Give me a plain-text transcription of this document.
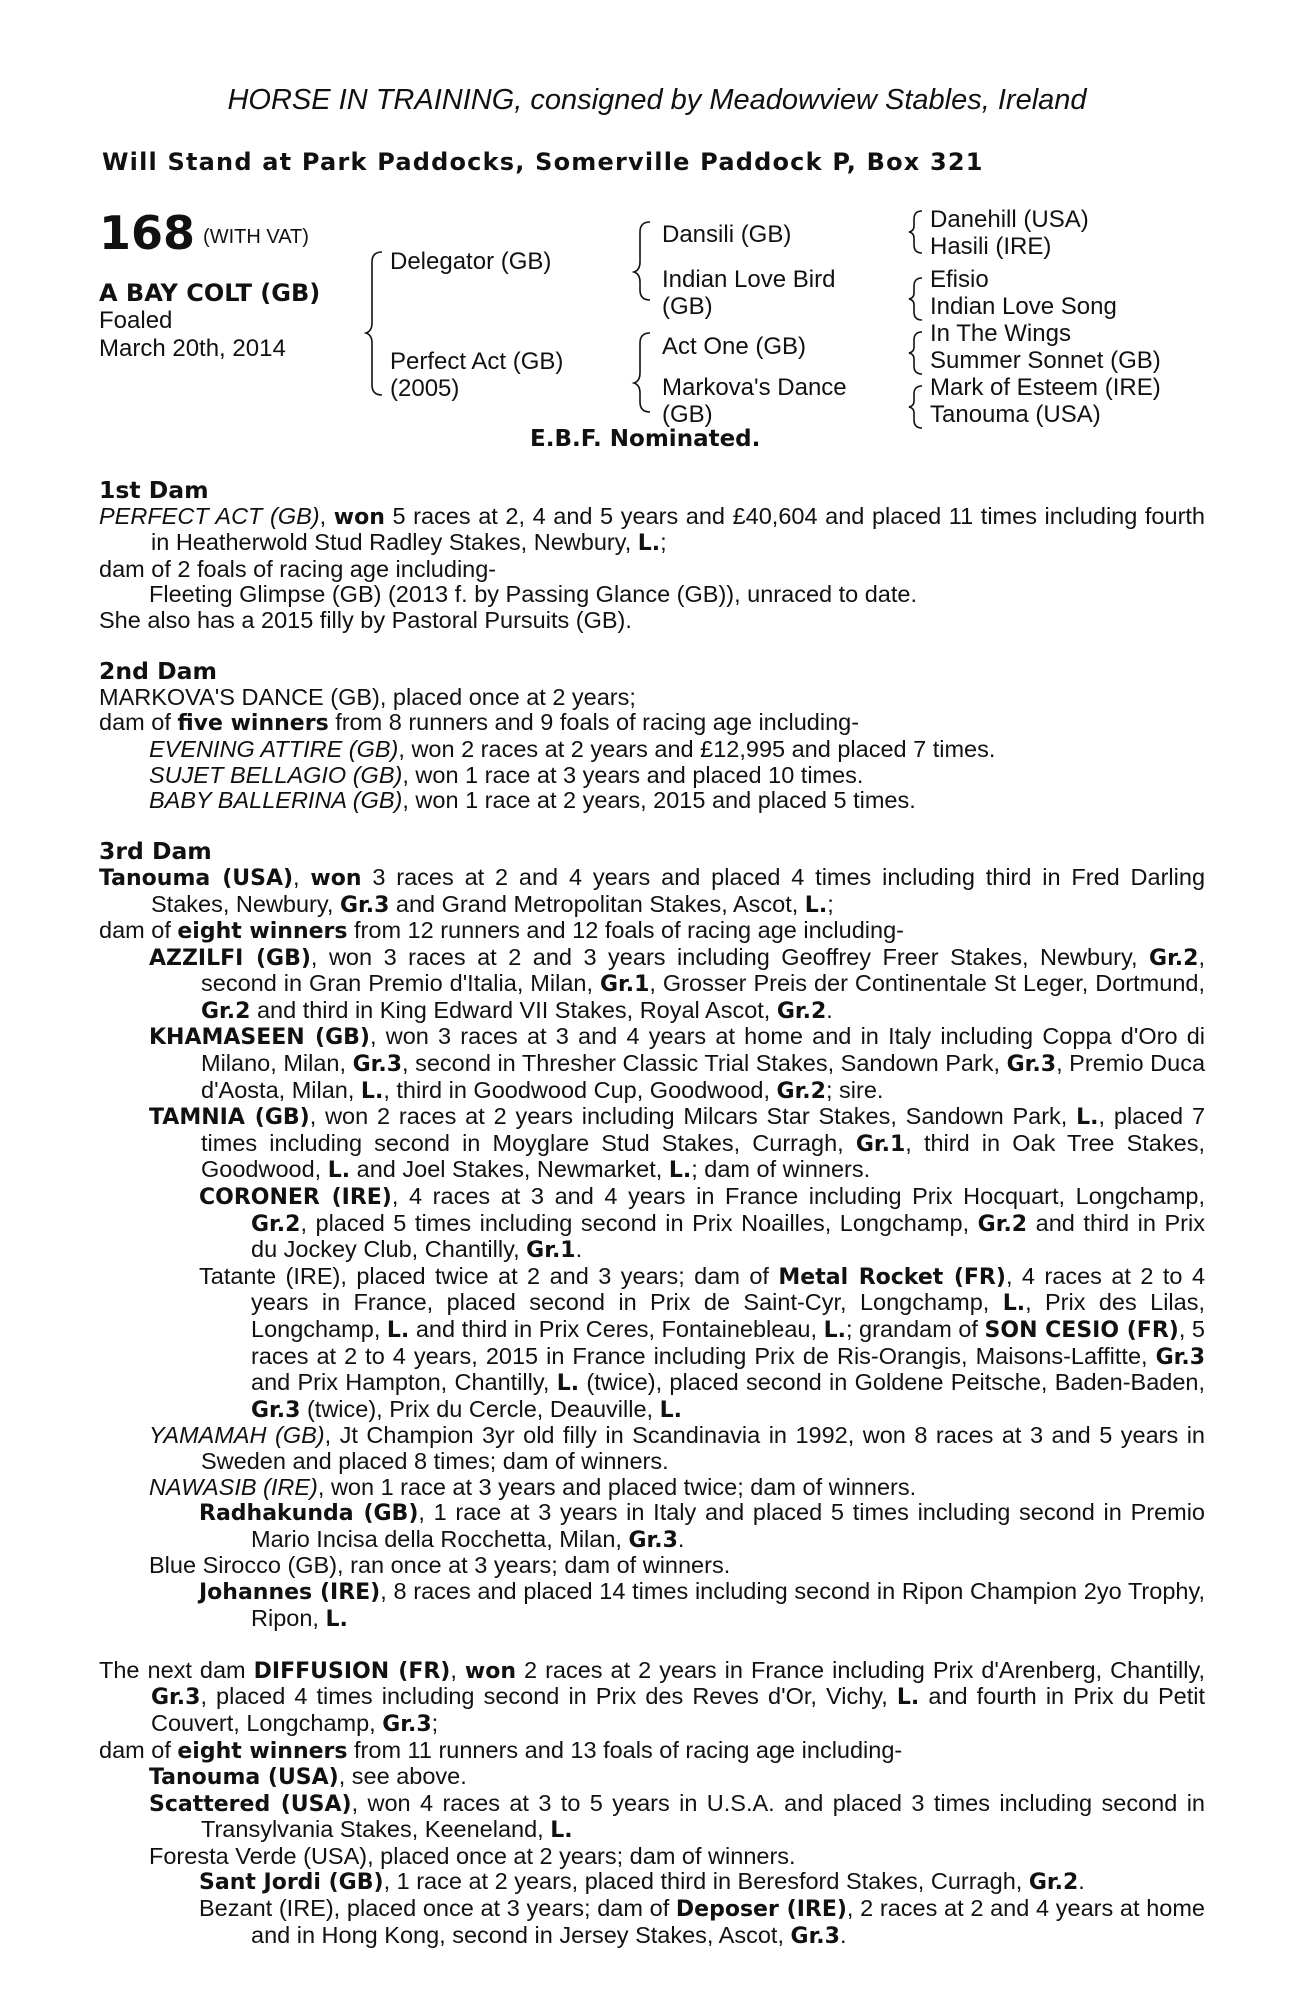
HORSE IN TRAINING, consigned by Meadowview Stables, Ireland
Will Stand at Park Paddocks, Somerville Paddock P, Box 321
168 (WITH VAT)
A BAY COLT (GB)
Foaled
March 20th, 2014
Delegator (GB)
Perfect Act (GB)
(2005)
Dansili (GB)
Indian Love Bird
(GB)
Act One (GB)
Markova's Dance
(GB)
Danehill (USA)
Hasili (IRE)
Efisio
Indian Love Song
In The Wings
Summer Sonnet (GB)
Mark of Esteem (IRE)
Tanouma (USA)
E.B.F. Nominated.
1st Dam
PERFECT ACT (GB), won 5 races at 2, 4 and 5 years and £40,604 and placed 11 times including fourth in Heatherwold Stud Radley Stakes, Newbury, L.;
dam of 2 foals of racing age including-
Fleeting Glimpse (GB) (2013 f. by Passing Glance (GB)), unraced to date.
She also has a 2015 filly by Pastoral Pursuits (GB).
2nd Dam
MARKOVA'S DANCE (GB), placed once at 2 years;
dam of five winners from 8 runners and 9 foals of racing age including-
EVENING ATTIRE (GB), won 2 races at 2 years and £12,995 and placed 7 times.
SUJET BELLAGIO (GB), won 1 race at 3 years and placed 10 times.
BABY BALLERINA (GB), won 1 race at 2 years, 2015 and placed 5 times.
3rd Dam
Tanouma (USA), won 3 races at 2 and 4 years and placed 4 times including third in Fred Darling Stakes, Newbury, Gr.3 and Grand Metropolitan Stakes, Ascot, L.;
dam of eight winners from 12 runners and 12 foals of racing age including-
AZZILFI (GB), won 3 races at 2 and 3 years including Geoffrey Freer Stakes, Newbury, Gr.2, second in Gran Premio d'Italia, Milan, Gr.1, Grosser Preis der Continentale St Leger, Dortmund, Gr.2 and third in King Edward VII Stakes, Royal Ascot, Gr.2.
KHAMASEEN (GB), won 3 races at 3 and 4 years at home and in Italy including Coppa d'Oro di Milano, Milan, Gr.3, second in Thresher Classic Trial Stakes, Sandown Park, Gr.3, Premio Duca d'Aosta, Milan, L., third in Goodwood Cup, Goodwood, Gr.2; sire.
TAMNIA (GB), won 2 races at 2 years including Milcars Star Stakes, Sandown Park, L., placed 7 times including second in Moyglare Stud Stakes, Curragh, Gr.1, third in Oak Tree Stakes, Goodwood, L. and Joel Stakes, Newmarket, L.; dam of winners.
CORONER (IRE), 4 races at 3 and 4 years in France including Prix Hocquart, Longchamp, Gr.2, placed 5 times including second in Prix Noailles, Longchamp, Gr.2 and third in Prix du Jockey Club, Chantilly, Gr.1.
Tatante (IRE), placed twice at 2 and 3 years; dam of Metal Rocket (FR), 4 races at 2 to 4 years in France, placed second in Prix de Saint-Cyr, Longchamp, L., Prix des Lilas, Longchamp, L. and third in Prix Ceres, Fontainebleau, L.; grandam of SON CESIO (FR), 5 races at 2 to 4 years, 2015 in France including Prix de Ris-Orangis, Maisons-Laffitte, Gr.3 and Prix Hampton, Chantilly, L. (twice), placed second in Goldene Peitsche, Baden-Baden, Gr.3 (twice), Prix du Cercle, Deauville, L.
YAMAMAH (GB), Jt Champion 3yr old filly in Scandinavia in 1992, won 8 races at 3 and 5 years in Sweden and placed 8 times; dam of winners.
NAWASIB (IRE), won 1 race at 3 years and placed twice; dam of winners.
Radhakunda (GB), 1 race at 3 years in Italy and placed 5 times including second in Premio Mario Incisa della Rocchetta, Milan, Gr.3.
Blue Sirocco (GB), ran once at 3 years; dam of winners.
Johannes (IRE), 8 races and placed 14 times including second in Ripon Champion 2yo Trophy, Ripon, L.
The next dam DIFFUSION (FR), won 2 races at 2 years in France including Prix d'Arenberg, Chantilly, Gr.3, placed 4 times including second in Prix des Reves d'Or, Vichy, L. and fourth in Prix du Petit Couvert, Longchamp, Gr.3;
dam of eight winners from 11 runners and 13 foals of racing age including-
Tanouma (USA), see above.
Scattered (USA), won 4 races at 3 to 5 years in U.S.A. and placed 3 times including second in Transylvania Stakes, Keeneland, L.
Foresta Verde (USA), placed once at 2 years; dam of winners.
Sant Jordi (GB), 1 race at 2 years, placed third in Beresford Stakes, Curragh, Gr.2.
Bezant (IRE), placed once at 3 years; dam of Deposer (IRE), 2 races at 2 and 4 years at home and in Hong Kong, second in Jersey Stakes, Ascot, Gr.3.
